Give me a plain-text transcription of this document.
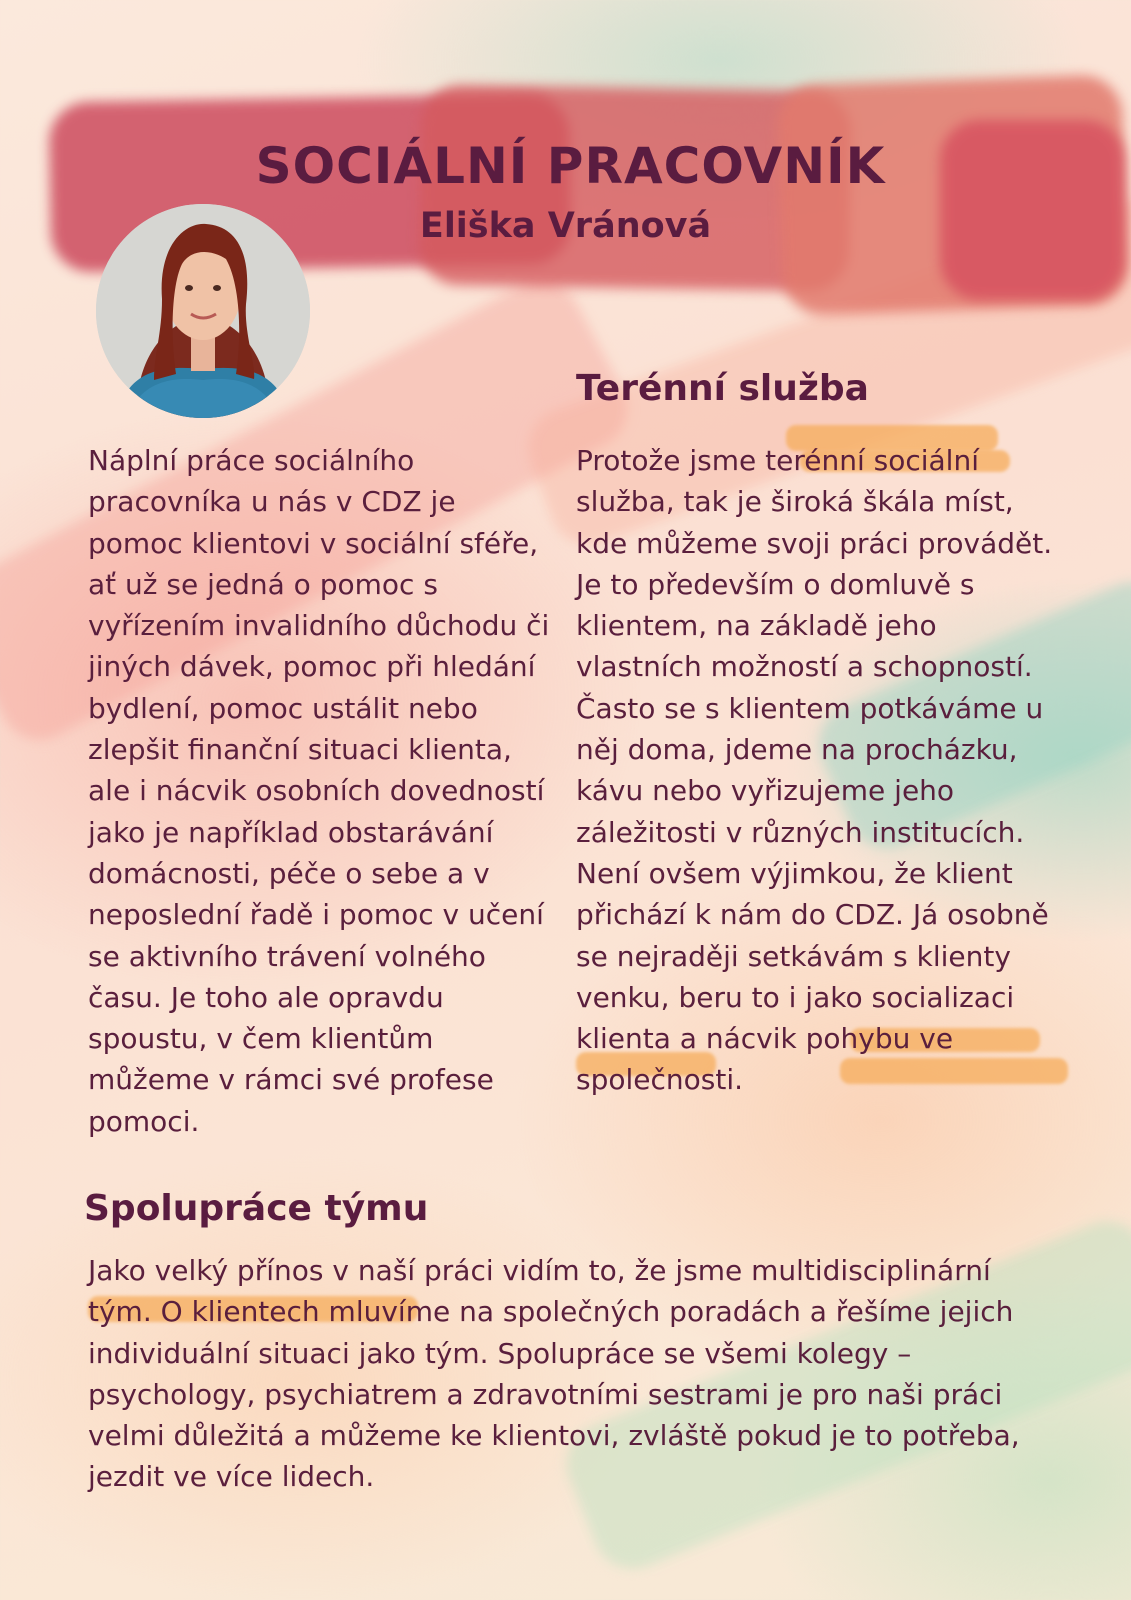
SOCIÁLNÍ PRACOVNÍK
Eliška Vránová

Náplní práce sociálního pracovníka u nás v CDZ je pomoc klientovi v sociální sféře, ať už se jedná o pomoc s vyřízením invalidního důchodu či jiných dávek, pomoc při hledání bydlení, pomoc ustálit nebo zlepšit finanční situaci klienta, ale i nácvik osobních dovedností jako je například obstarávání domácnosti, péče o sebe a v neposlední řadě i pomoc v učení se aktivního trávení volného času. Je toho ale opravdu spoustu, v čem klientům můžeme v rámci své profese pomoci.

Terénní služba

Protože jsme terénní sociální služba, tak je široká škála míst, kde můžeme svoji práci provádět. Je to především o domluvě s klientem, na základě jeho vlastních možností a schopností. Často se s klientem potkáváme u něj doma, jdeme na procházku, kávu nebo vyřizujeme jeho záležitosti v různých institucích. Není ovšem výjimkou, že klient přichází k nám do CDZ. Já osobně se nejraději setkávám s klienty venku, beru to i jako socializaci klienta a nácvik pohybu ve společnosti.

Spolupráce týmu

Jako velký přínos v naší práci vidím to, že jsme multidisciplinární tým. O klientech mluvíme na společných poradách a řešíme jejich individuální situaci jako tým. Spolupráce se všemi kolegy – psychology, psychiatrem a zdravotními sestrami je pro naši práci velmi důležitá a můžeme ke klientovi, zvláště pokud je to potřeba, jezdit ve více lidech.
